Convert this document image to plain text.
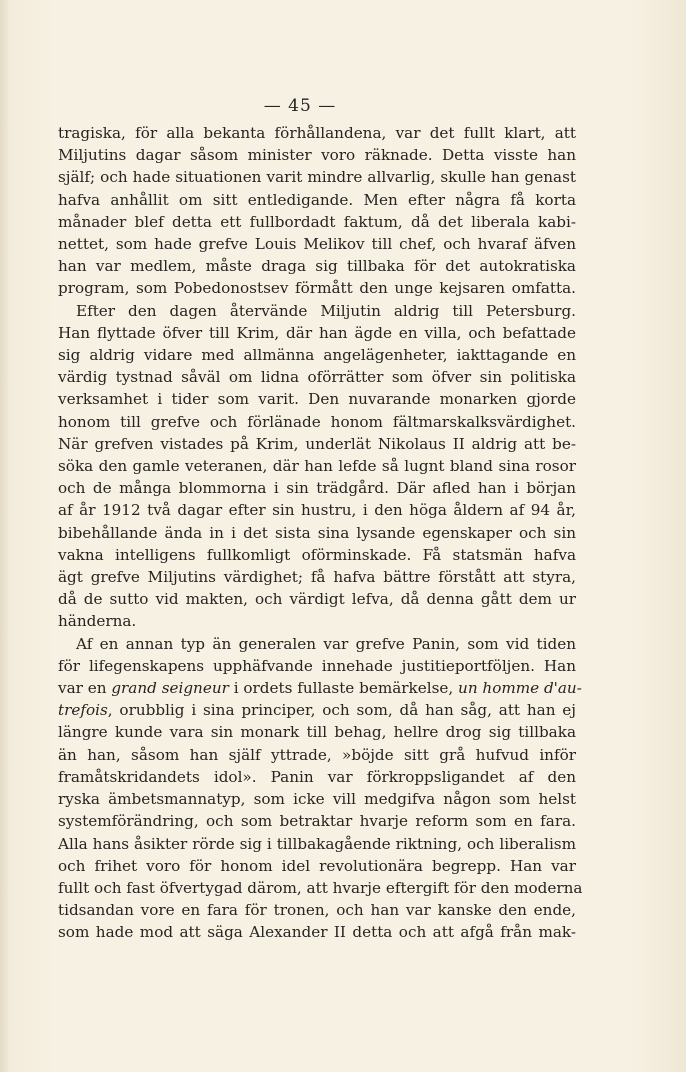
— 45 —
tragiska, för alla bekanta förhållandena, var det fullt klart, att
Miljutins dagar såsom minister voro räknade. Detta visste han
själf; och hade situationen varit mindre allvarlig, skulle han genast
hafva anhållit om sitt entledigande. Men efter några få korta
månader blef detta ett fullbordadt faktum, då det liberala kabi-
nettet, som hade grefve Louis Melikov till chef, och hvaraf äfven
han var medlem, måste draga sig tillbaka för det autokratiska
program, som Pobedonostsev förmått den unge kejsaren omfatta.
Efter den dagen återvände Miljutin aldrig till Petersburg.
Han flyttade öfver till Krim, där han ägde en villa, och befattade
sig aldrig vidare med allmänna angelägenheter, iakttagande en
värdig tystnad såväl om lidna oförrätter som öfver sin politiska
verksamhet i tider som varit. Den nuvarande monarken gjorde
honom till grefve och förlänade honom fältmarskalksvärdighet.
När grefven vistades på Krim, underlät Nikolaus II aldrig att be-
söka den gamle veteranen, där han lefde så lugnt bland sina rosor
och de många blommorna i sin trädgård. Där afled han i början
af år 1912 två dagar efter sin hustru, i den höga åldern af 94 år,
bibehållande ända in i det sista sina lysande egenskaper och sin
vakna intelligens fullkomligt oförminskade. Få statsmän hafva
ägt grefve Miljutins värdighet; få hafva bättre förstått att styra,
då de sutto vid makten, och värdigt lefva, då denna gått dem ur
händerna.
Af en annan typ än generalen var grefve Panin, som vid tiden
för lifegenskapens upphäfvande innehade justitieportföljen. Han
var en grand seigneur i ordets fullaste bemärkelse, un homme d'au-
trefois, orubblig i sina principer, och som, då han såg, att han ej
längre kunde vara sin monark till behag, hellre drog sig tillbaka
än han, såsom han själf yttrade, »böjde sitt grå hufvud inför
framåtskridandets idol». Panin var förkroppsligandet af den
ryska ämbetsmannatyp, som icke vill medgifva någon som helst
systemförändring, och som betraktar hvarje reform som en fara.
Alla hans åsikter rörde sig i tillbakagående riktning, och liberalism
och frihet voro för honom idel revolutionära begrepp. Han var
fullt och fast öfvertygad därom, att hvarje eftergift för den moderna
tidsandan vore en fara för tronen, och han var kanske den ende,
som hade mod att säga Alexander II detta och att afgå från mak-
